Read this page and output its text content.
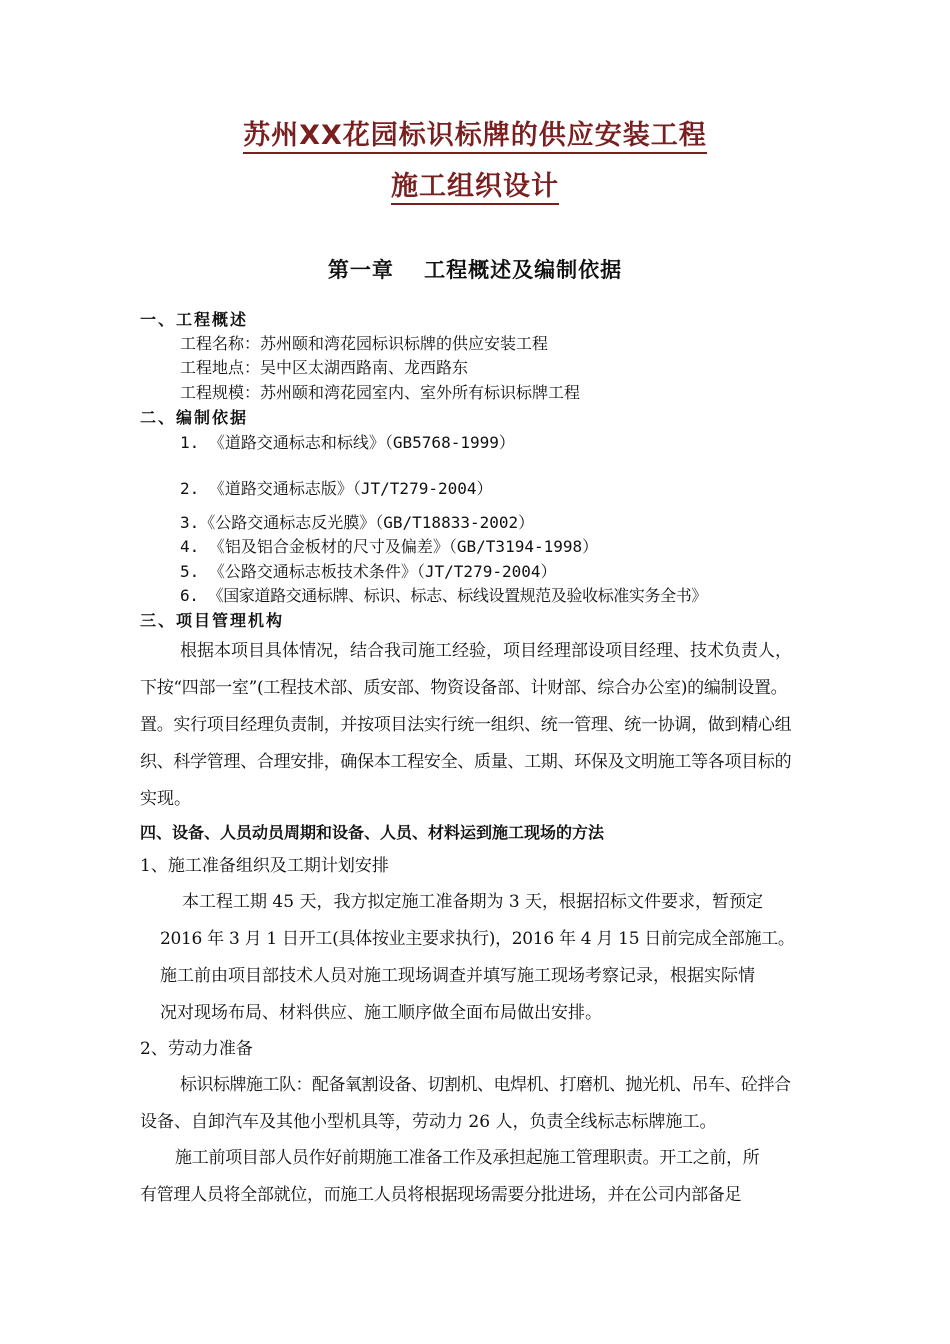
苏州XX花园标识标牌的供应安装工程
施工组织设计
第一章　 工程概述及编制依据
一、工程概述
工程名称：苏州颐和湾花园标识标牌的供应安装工程
工程地点：吴中区太湖西路南、龙西路东
工程规模：苏州颐和湾花园室内、室外所有标识标牌工程
二、编制依据
1. 《道路交通标志和标线》（GB5768-1999）
2. 《道路交通标志版》（JT/T279-2004）
3.《公路交通标志反光膜》（GB/T18833-2002）
4. 《铝及铝合金板材的尺寸及偏差》（GB/T3194-1998）
5. 《公路交通标志板技术条件》（JT/T279-2004）
6. 《国家道路交通标牌、标识、标志、标线设置规范及验收标准实务全书》
三、项目管理机构
根据本项目具体情况，结合我司施工经验，项目经理部设项目经理、技术负责人，
下按“四部一室”(工程技术部、质安部、物资设备部、计财部、综合办公室)的编制设置。
置。实行项目经理负责制，并按项目法实行统一组织、统一管理、统一协调，做到精心组
织、科学管理、合理安排，确保本工程安全、质量、工期、环保及文明施工等各项目标的
实现。
四、设备、人员动员周期和设备、人员、材料运到施工现场的方法
1、施工准备组织及工期计划安排
本工程工期 45 天，我方拟定施工准备期为 3 天，根据招标文件要求，暂预定
2016 年 3 月 1 日开工(具体按业主要求执行)，2016 年 4 月 15 日前完成全部施工。
施工前由项目部技术人员对施工现场调查并填写施工现场考察记录，根据实际情
况对现场布局、材料供应、施工顺序做全面布局做出安排。
2、劳动力准备
标识标牌施工队：配备氧割设备、切割机、电焊机、打磨机、抛光机、吊车、砼拌合
设备、自卸汽车及其他小型机具等，劳动力 26 人，负责全线标志标牌施工。
施工前项目部人员作好前期施工准备工作及承担起施工管理职责。开工之前，所
有管理人员将全部就位，而施工人员将根据现场需要分批进场，并在公司内部备足
